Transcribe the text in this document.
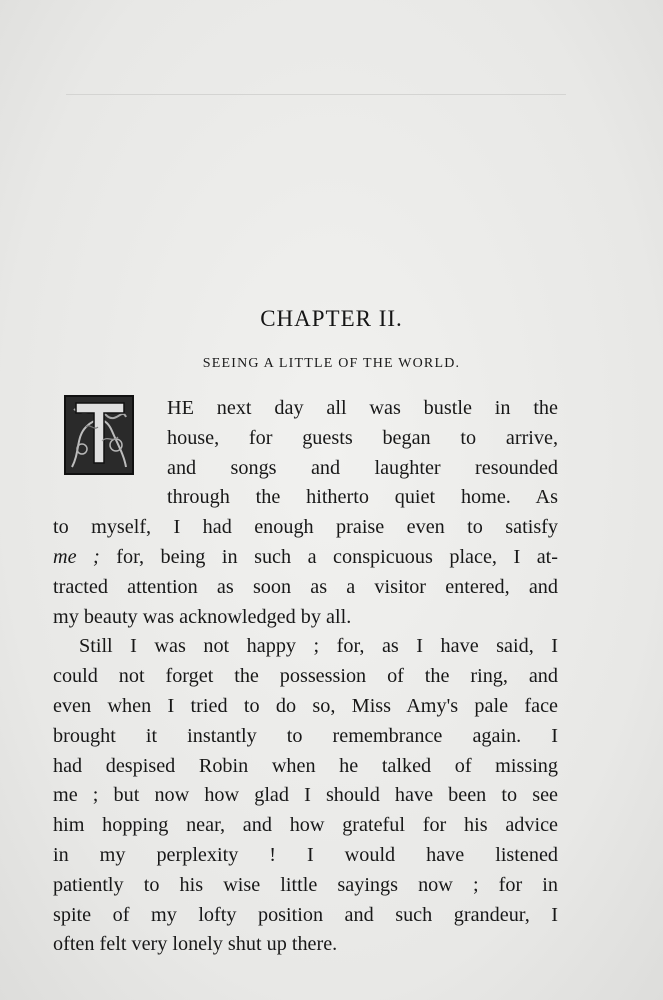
CHAPTER II.
SEEING A LITTLE OF THE WORLD.
HE next day all was bustle in the
house, for guests began to arrive,
and songs and laughter resounded
through the hitherto quiet home. As
to myself, I had enough praise even to satisfy
me ; for, being in such a conspicuous place, I at-
tracted attention as soon as a visitor entered, and
my beauty was acknowledged by all.
Still I was not happy ; for, as I have said, I
could not forget the possession of the ring, and
even when I tried to do so, Miss Amy's pale face
brought it instantly to remembrance again. I
had despised Robin when he talked of missing
me ; but now how glad I should have been to see
him hopping near, and how grateful for his advice
in my perplexity ! I would have listened
patiently to his wise little sayings now ; for in
spite of my lofty position and such grandeur, I
often felt very lonely shut up there.
